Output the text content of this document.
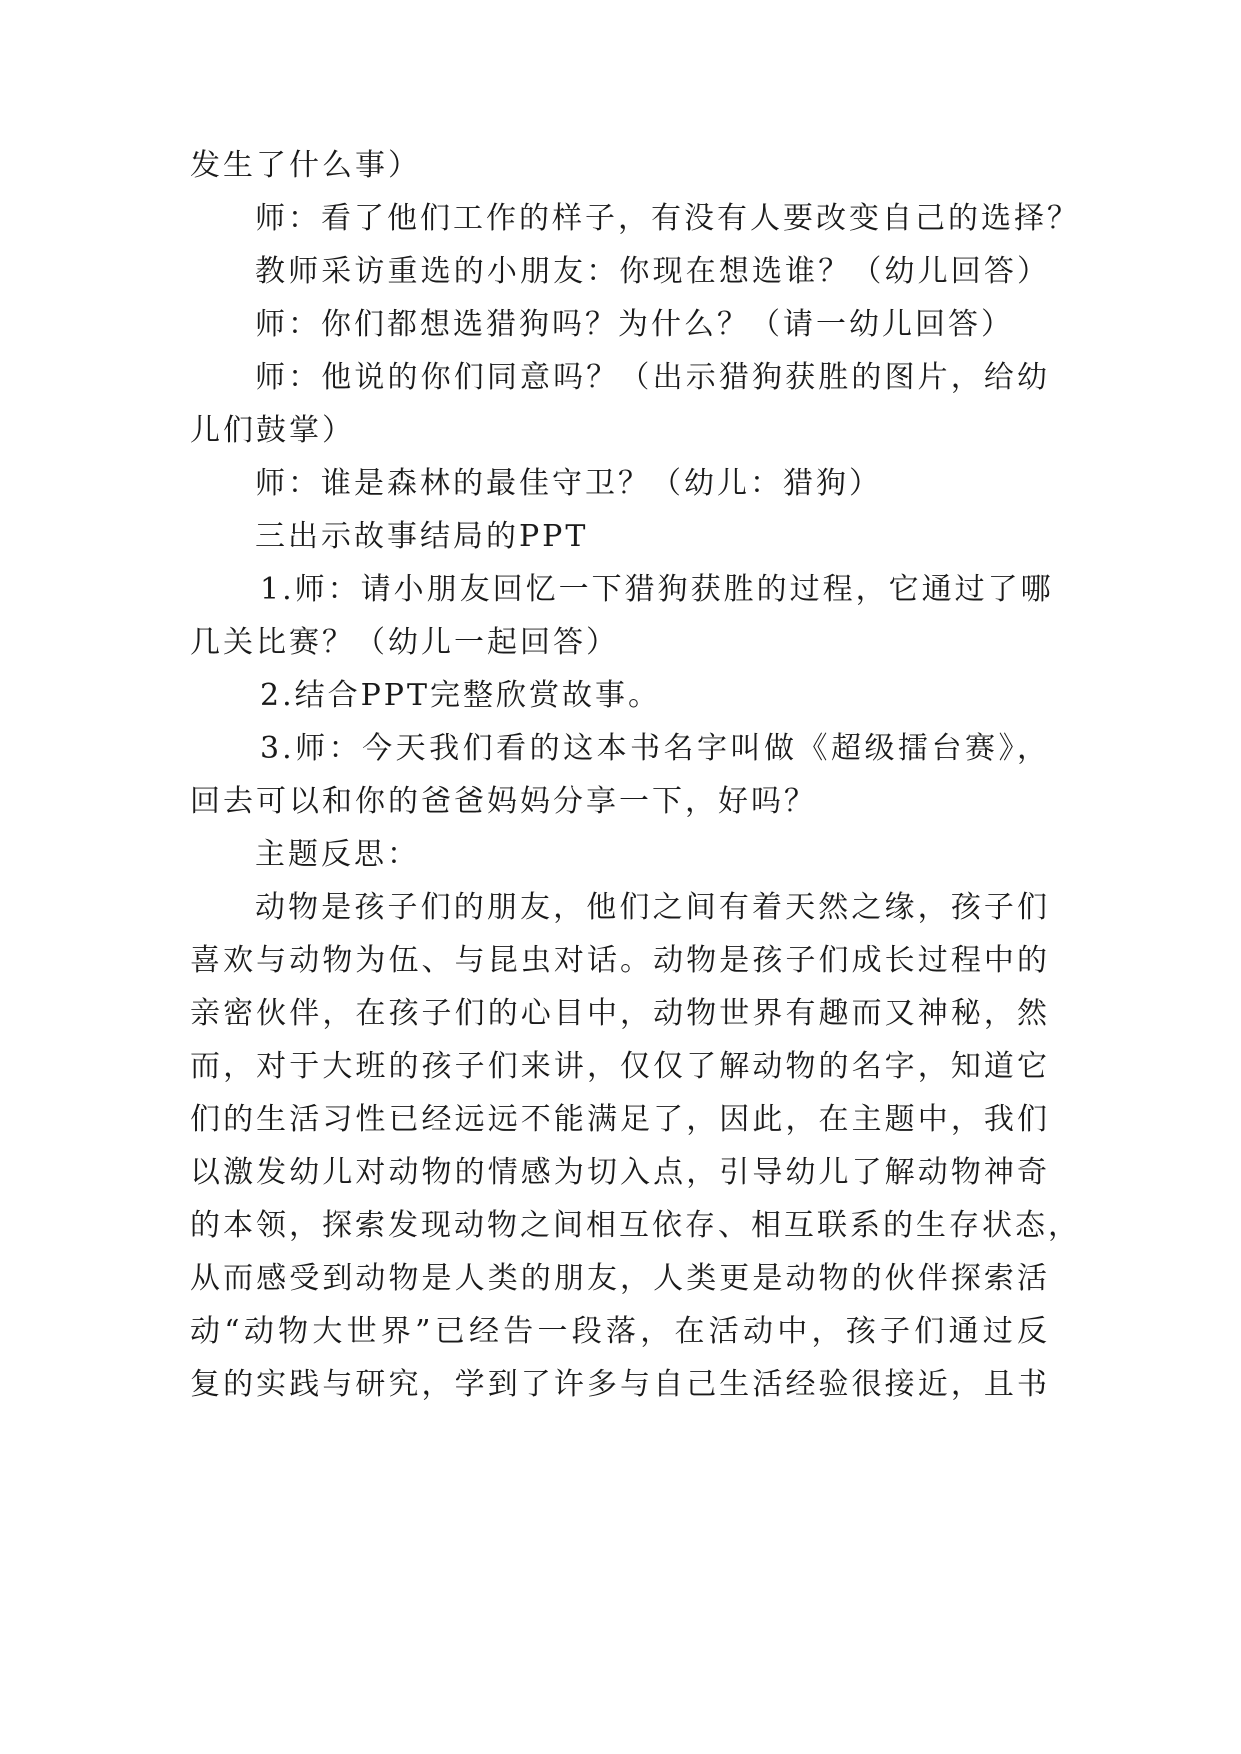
发生了什么事）
师：看了他们工作的样子，有没有人要改变自己的选择？
教师采访重选的小朋友：你现在想选谁？（幼儿回答）
师：你们都想选猎狗吗？为什么？（请一幼儿回答）
师：他说的你们同意吗？（出示猎狗获胜的图片，给幼
儿们鼓掌）
师：谁是森林的最佳守卫？（幼儿：猎狗）
三出示故事结局的PPT
1.师：请小朋友回忆一下猎狗获胜的过程，它通过了哪
几关比赛？（幼儿一起回答）
2.结合PPT完整欣赏故事。
3.师：今天我们看的这本书名字叫做《超级擂台赛》，
回去可以和你的爸爸妈妈分享一下，好吗？
主题反思：
动物是孩子们的朋友，他们之间有着天然之缘，孩子们
喜欢与动物为伍、与昆虫对话。动物是孩子们成长过程中的
亲密伙伴，在孩子们的心目中，动物世界有趣而又神秘，然
而，对于大班的孩子们来讲，仅仅了解动物的名字，知道它
们的生活习性已经远远不能满足了，因此，在主题中，我们
以激发幼儿对动物的情感为切入点，引导幼儿了解动物神奇
的本领，探索发现动物之间相互依存、相互联系的生存状态，
从而感受到动物是人类的朋友，人类更是动物的伙伴探索活
动“动物大世界”已经告一段落，在活动中，孩子们通过反
复的实践与研究，学到了许多与自己生活经验很接近，且书
